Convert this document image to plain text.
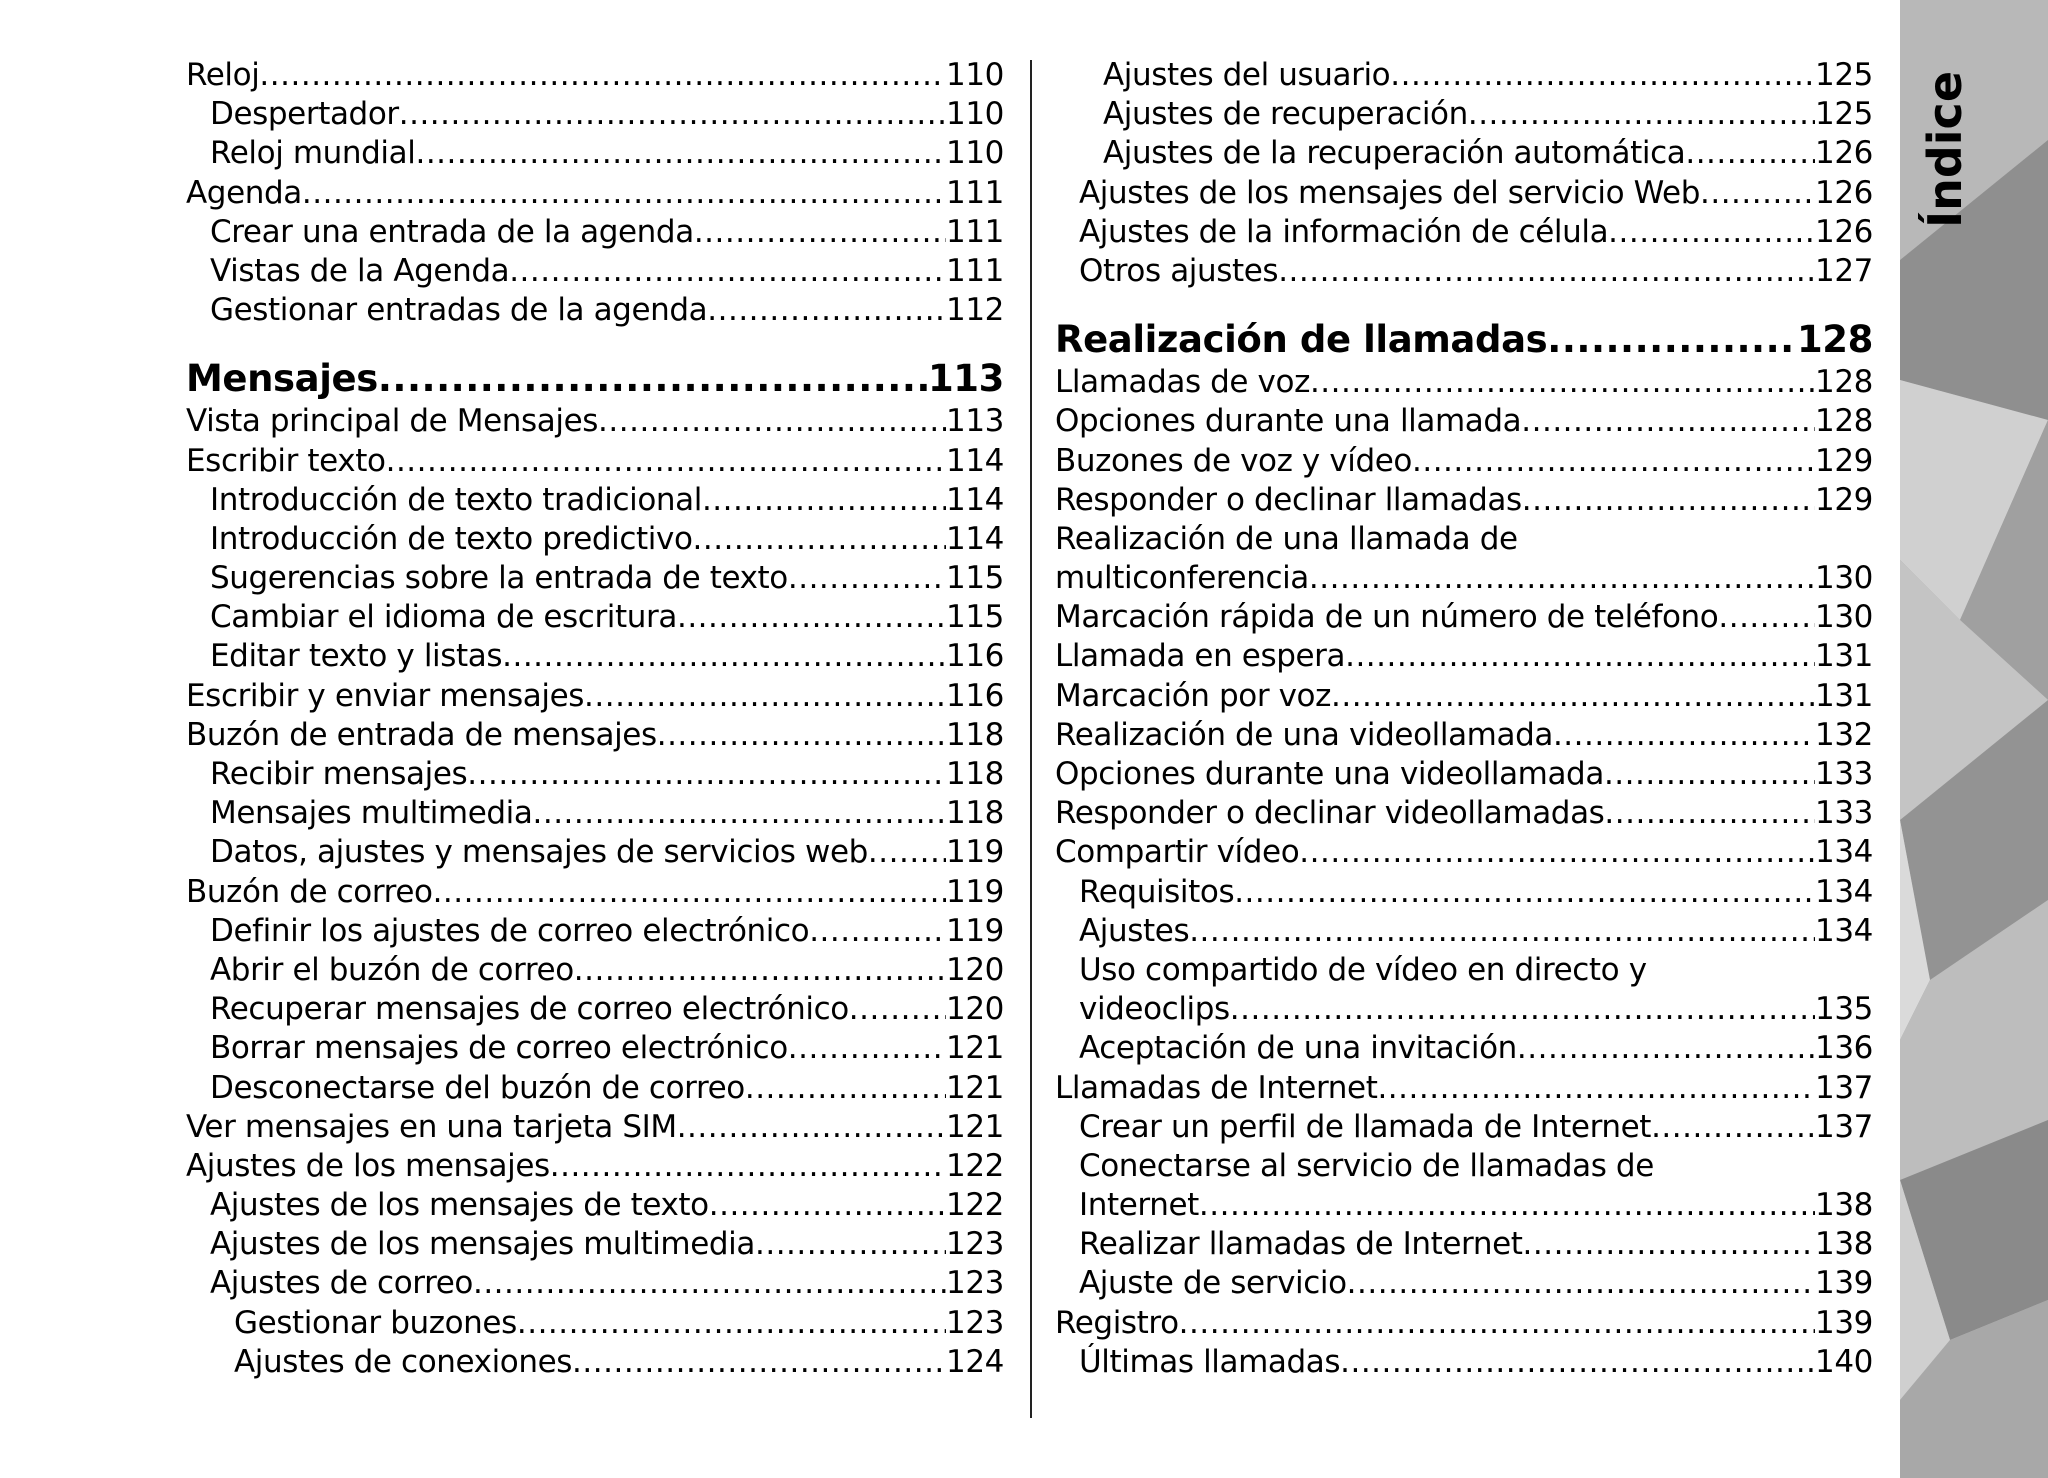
Reloj .....	110
Despertador .....	110
Reloj mundial .....	110
Agenda .....	111
Crear una entrada de la agenda .....	111
Vistas de la Agenda .....	111
Gestionar entradas de la agenda .....	112
Mensajes .....	113
Vista principal de Mensajes .....	113
Escribir texto .....	114
Introducción de texto tradicional .....	114
Introducción de texto predictivo .....	114
Sugerencias sobre la entrada de texto .....	115
Cambiar el idioma de escritura .....	115
Editar texto y listas .....	116
Escribir y enviar mensajes .....	116
Buzón de entrada de mensajes .....	118
Recibir mensajes .....	118
Mensajes multimedia .....	118
Datos, ajustes y mensajes de servicios web .....	119
Buzón de correo .....	119
Definir los ajustes de correo electrónico .....	119
Abrir el buzón de correo .....	120
Recuperar mensajes de correo electrónico .....	120
Borrar mensajes de correo electrónico .....	121
Desconectarse del buzón de correo .....	121
Ver mensajes en una tarjeta SIM .....	121
Ajustes de los mensajes .....	122
Ajustes de los mensajes de texto .....	122
Ajustes de los mensajes multimedia .....	123
Ajustes de correo .....	123
Gestionar buzones .....	123
Ajustes de conexiones .....	124
Ajustes del usuario .....	125
Ajustes de recuperación .....	125
Ajustes de la recuperación automática .....	126
Ajustes de los mensajes del servicio Web .....	126
Ajustes de la información de célula .....	126
Otros ajustes .....	127
Realización de llamadas .....	128
Llamadas de voz .....	128
Opciones durante una llamada .....	128
Buzones de voz y vídeo .....	129
Responder o declinar llamadas .....	129
Realización de una llamada de
multiconferencia .....	130
Marcación rápida de un número de teléfono .....	130
Llamada en espera .....	131
Marcación por voz .....	131
Realización de una videollamada .....	132
Opciones durante una videollamada .....	133
Responder o declinar videollamadas .....	133
Compartir vídeo .....	134
Requisitos .....	134
Ajustes .....	134
Uso compartido de vídeo en directo y
videoclips .....	135
Aceptación de una invitación .....	136
Llamadas de Internet .....	137
Crear un perfil de llamada de Internet .....	137
Conectarse al servicio de llamadas de
Internet .....	138
Realizar llamadas de Internet .....	138
Ajuste de servicio .....	139
Registro .....	139
Últimas llamadas .....	140
Índice
